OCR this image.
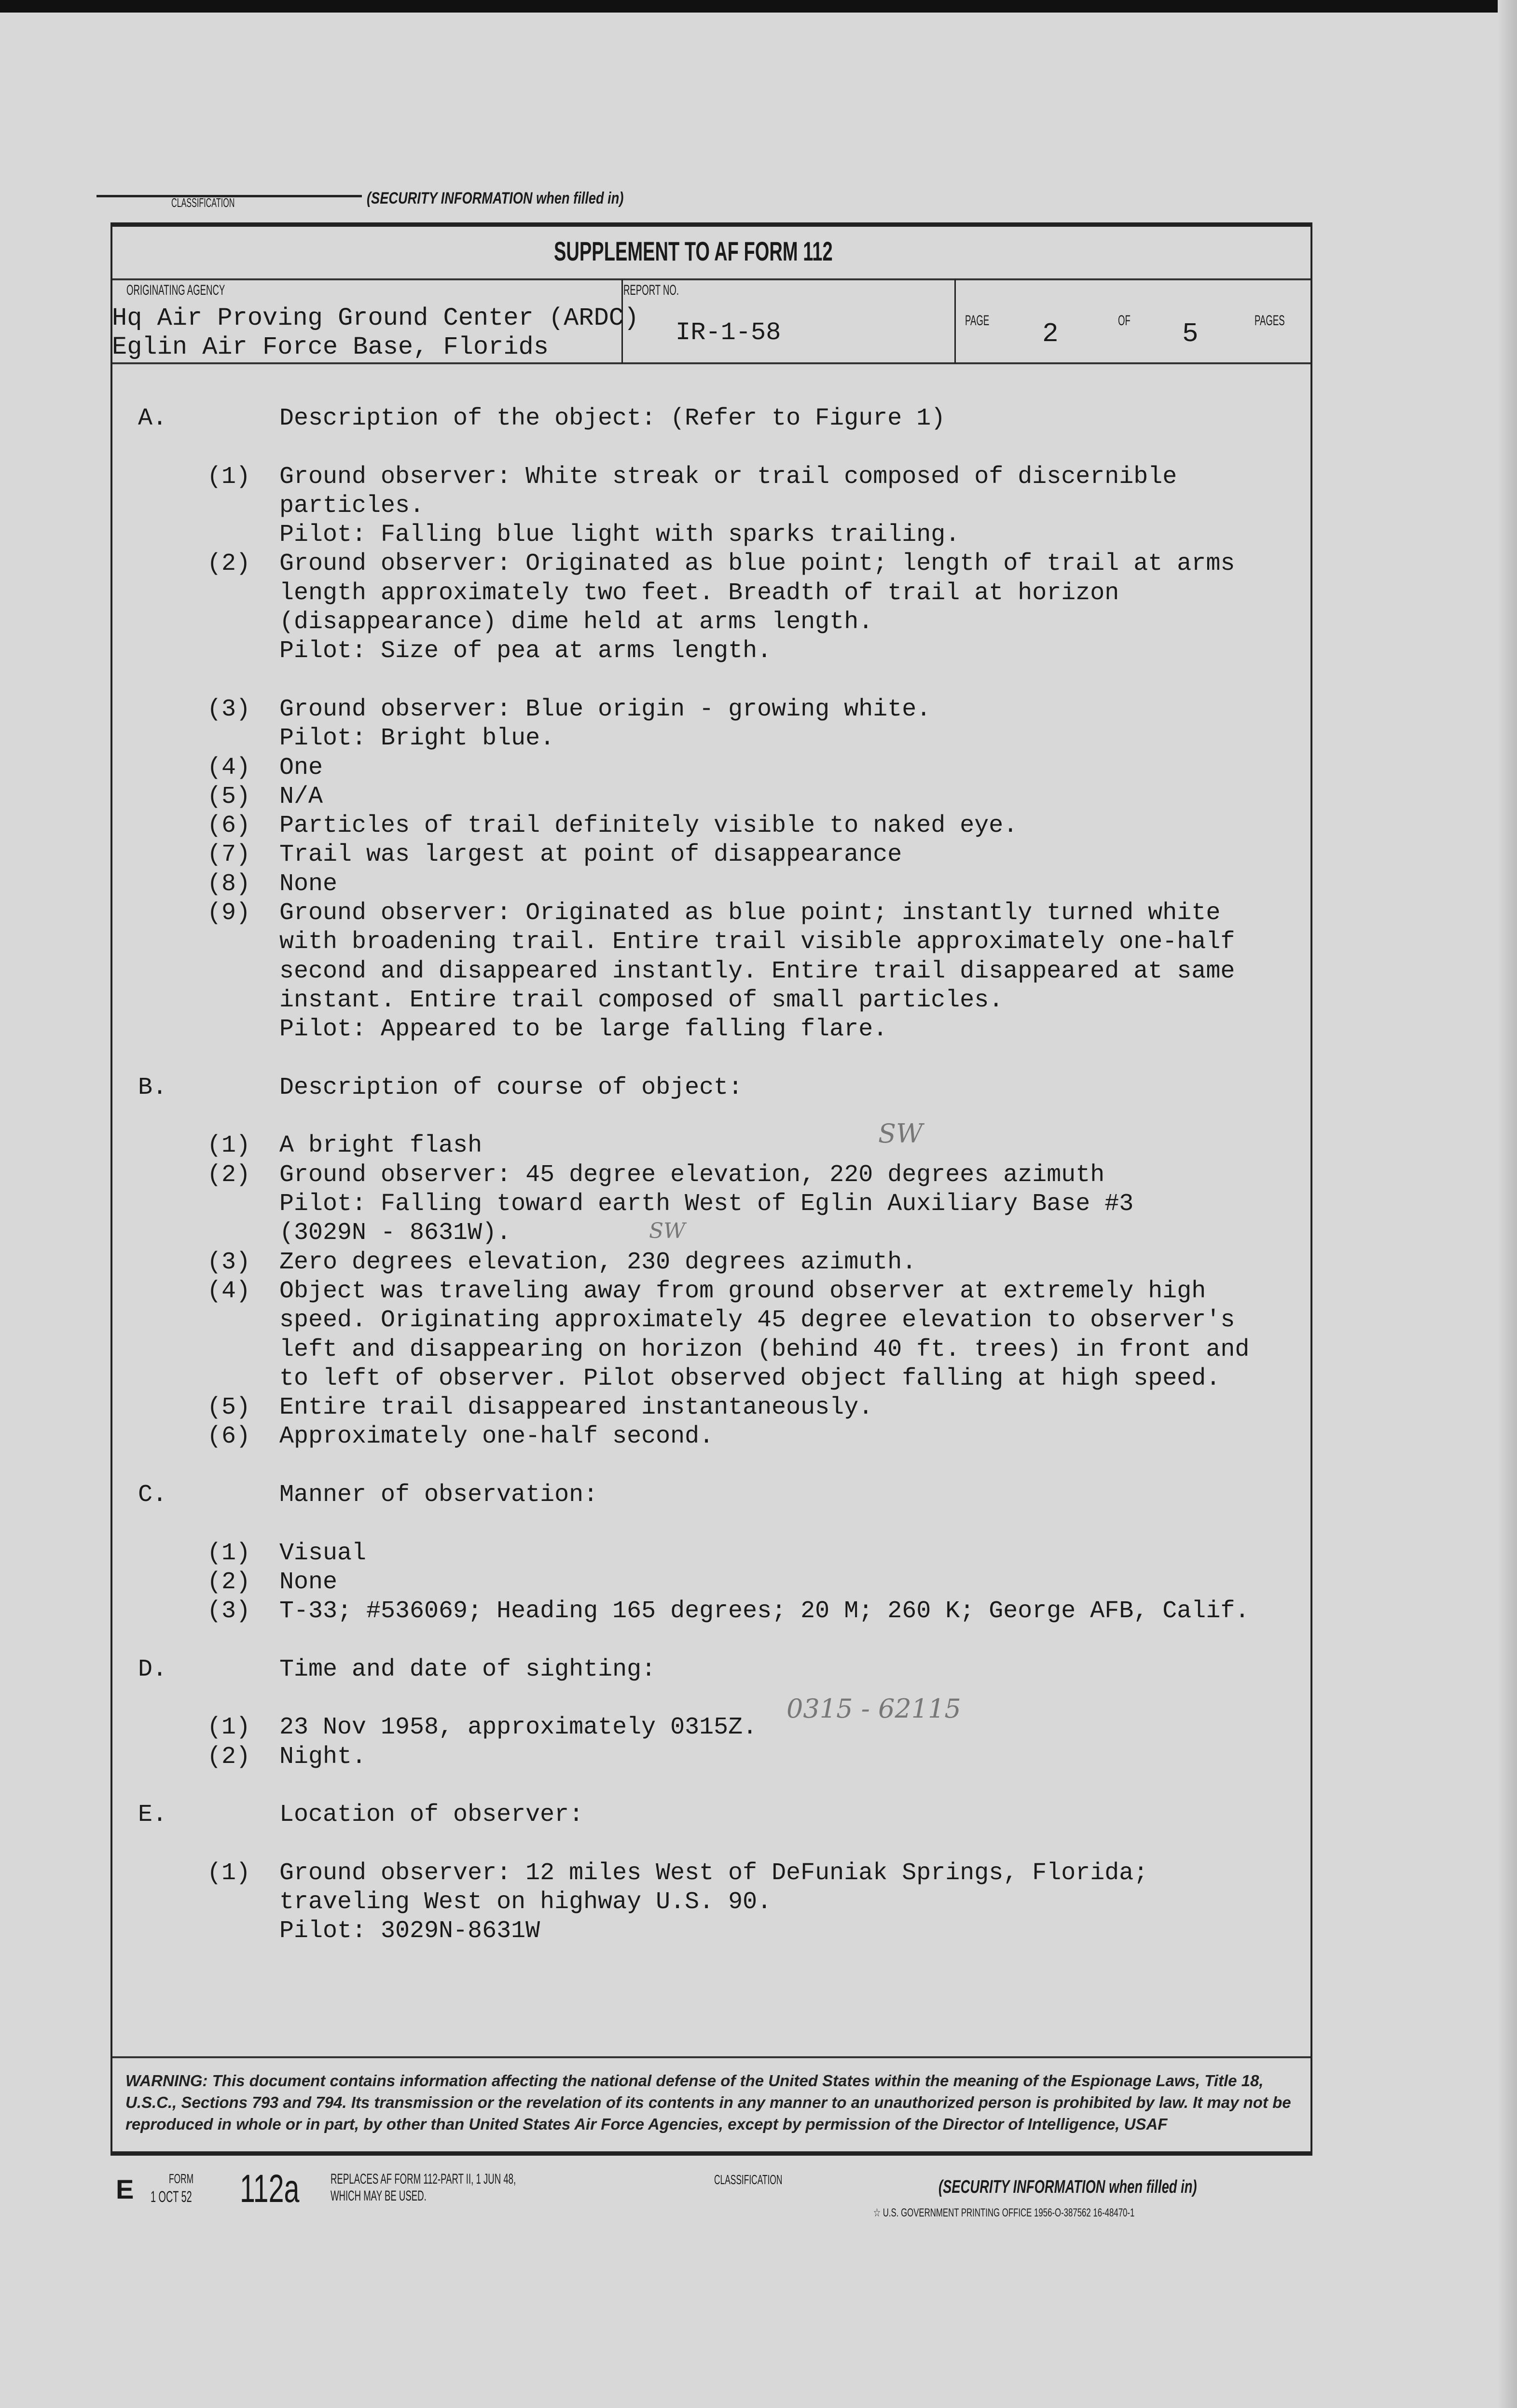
CLASSIFICATION	(SECURITY INFORMATION when filled in)
SUPPLEMENT TO AF FORM 112
ORIGINATING AGENCY
Hq Air Proving Ground Center (ARDC)
Eglin Air Force Base, Florids
REPORT NO.
IR-1-58	PAGE	2	OF 5	PAGES
A.	Description of the object: (Refer to Figure 1)
(1) Ground observer: White streak or trail composed of discernible
particles.
Pilot: Falling blue light with sparks trailing.
(2) Ground observer: Originated as blue point; length of trail at arms
length approximately two feet. Breadth of trail at horizon
(disappearance) dime held at arms length.
Pilot: Size of pea at arms length.
(3) Ground observer: Blue origin - growing white.
Pilot: Bright blue.
(4) One
(5) N/A
(6) Particles of trail definitely visible to naked eye.
(7) Trail was largest at point of disappearance
(8) None
(9) Ground observer: Originated as blue point; instantly turned white
with broadening trail. Entire trail visible approximately one-half
second and disappeared instantly. Entire trail disappeared at same
instant. Entire trail composed of small particles.
Pilot: Appeared to be large falling flare.
B.	Description of course of object:
(1) A bright flash
(2) Ground observer: 45 degree elevation, 220 degrees azimuth
Pilot: Falling toward earth West of Eglin Auxiliary Base #3
(3029N - 8631W).
(3) Zero degrees elevation, 230 degrees azimuth.
(4) Object was traveling away from ground observer at extremely high
speed. Originating approximately 45 degree elevation to observer's
left and disappearing on horizon (behind 40 ft. trees) in front and
to left of observer. Pilot observed object falling at high speed.
(5) Entire trail disappeared instantaneously.
(6) Approximately one-half second.
C.	Manner of observation:
(1) Visual
(2) None
(3) T-33; #536069; Heading 165 degrees; 20 M; 260 K; George AFB, Calif.
D.	Time and date of sighting:
(1) 23 Nov 1958, approximately 0315Z.
(2) Night.
E.	Location of observer:
(1) Ground observer: 12 miles West of DeFuniak Springs, Florida;
traveling West on highway U.S. 90.
Pilot: 3029N-8631W
SW
SW
0315 - 62115
WARNING: This document contains information affecting the national defense of the United States within the meaning of the Espionage Laws, Title 18, U.S.C., Sections 793 and 794. Its transmission or the revelation of its contents in any manner to an unauthorized person is prohibited by law. It may not be reproduced in whole or in part, by other than United States Air Force Agencies, except by permission of the Director of Intelligence, USAF
E	FORM
1 OCT 52	112a	REPLACES AF FORM 112-PART II, 1 JUN 48,
WHICH MAY BE USED.
CLASSIFICATION	(SECURITY INFORMATION when filled in)
☆ U.S. GOVERNMENT PRINTING OFFICE 1956-O-387562 16-48470-1
